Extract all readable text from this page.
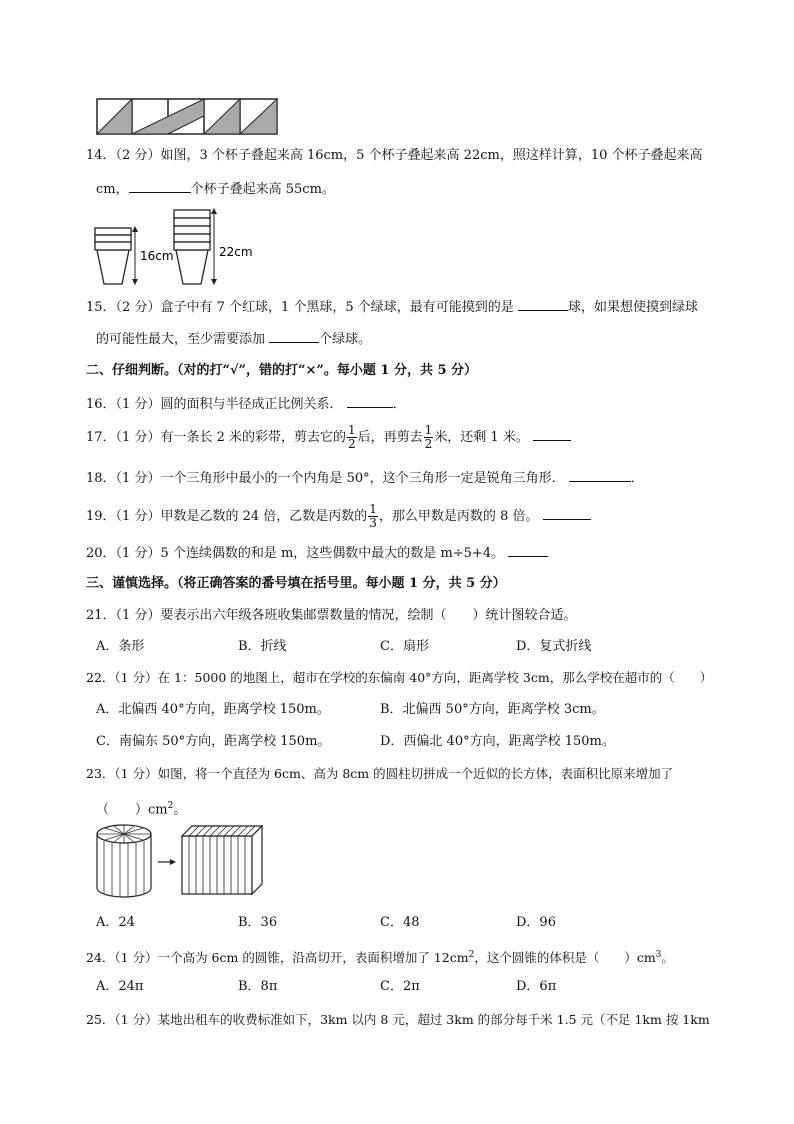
14．（2 分）如图，3 个杯子叠起来高 16cm，5 个杯子叠起来高 22cm，照这样计算，10 个杯子叠起来高
cm，	个杯子叠起来高 55cm。
16cm	22cm
15．（2 分）盒子中有 7 个红球，1 个黑球，5 个绿球，最有可能摸到的是	球，如果想使摸到绿球
的可能性最大，至少需要添加	个绿球。
二、仔细判断。（对的打“√”，错的打“×”。每小题 1 分，共 5 分）
16．（1 分）圆的面积与半径成正比例关系．	．
17．（1 分）有一条长 2 米的彩带，剪去它的 $\frac{1}{2}$ 后，再剪去 $\frac{1}{2}$ 米，还剩 1 米。
18．（1 分）一个三角形中最小的一个内角是 50°，这个三角形一定是锐角三角形．	．
19．（1 分）甲数是乙数的 24 倍，乙数是丙数的 $\frac{1}{3}$ ，那么甲数是丙数的 8 倍。
20．（1 分）5 个连续偶数的和是 m，这些偶数中最大的数是 m÷5+4。
三、谨慎选择。（将正确答案的番号填在括号里。每小题 1 分，共 5 分）
21．（1 分）要表示出六年级各班收集邮票数量的情况，绘制（　　）统计图较合适。
A．条形	B．折线	C．扇形	D．复式折线
22．（1 分）在 1：5000 的地图上，超市在学校的东偏南 40°方向，距离学校 3cm，那么学校在超市的（　　）
A．北偏西 40°方向，距离学校 150m。	B．北偏西 50°方向，距离学校 3cm。
C．南偏东 50°方向，距离学校 150m。	D．西偏北 40°方向，距离学校 150m。
23．（1 分）如图，将一个直径为 6cm、高为 8cm 的圆柱切拼成一个近似的长方体，表面积比原来增加了
（　　）$cm^2$。
A．24	B．36	C．48	D．96
24．（1 分）一个高为 6cm 的圆锥，沿高切开，表面积增加了 $12cm^2$，这个圆锥的体积是（　　）$cm^3$。
A．24π	B．8π	C．2π	D．6π
25．（1 分）某地出租车的收费标准如下，3km 以内 8 元，超过 3km 的部分每千米 1.5 元（不足 1km 按 1km
